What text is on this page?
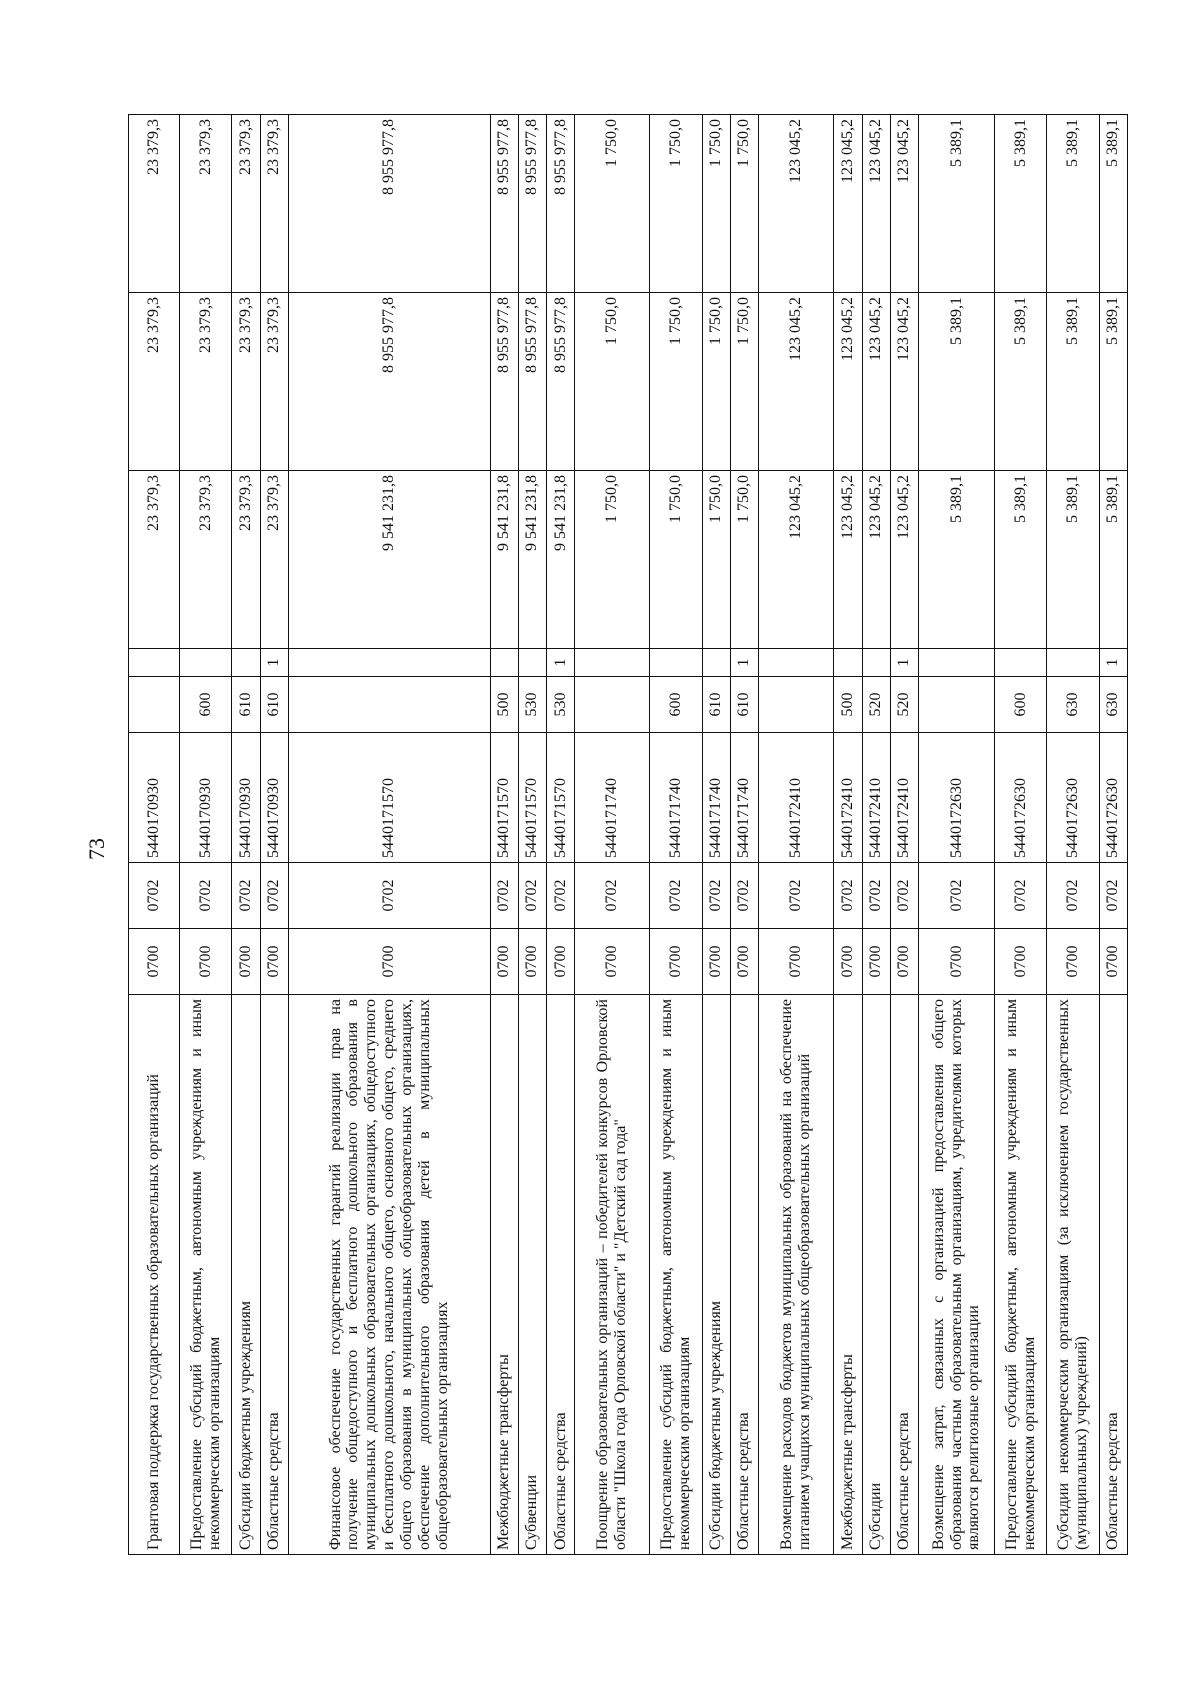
73
Грантовая поддержка государственных образовательных организаций	0700	0702	5440170930			23 379,3	23 379,3	23 379,3
Предоставление субсидий бюджетным, автономным учреждениям и иным некоммерческим организациям	0700	0702	5440170930	600		23 379,3	23 379,3	23 379,3
Субсидии бюджетным учреждениям	0700	0702	5440170930	610		23 379,3	23 379,3	23 379,3
Областные средства	0700	0702	5440170930	610	1	23 379,3	23 379,3	23 379,3
Финансовое обеспечение государственных гарантий реализации прав на получение общедоступного и бесплатного дошкольного образования в муниципальных дошкольных образовательных организациях, общедоступного и бесплатного дошкольного, начального общего, основного общего, среднего общего образования в муниципальных общеобразовательных организациях, обеспечение дополнительного образования детей в муниципальных общеобразовательных организациях	0700	0702	5440171570			9 541 231,8	8 955 977,8	8 955 977,8
Межбюджетные трансферты	0700	0702	5440171570	500		9 541 231,8	8 955 977,8	8 955 977,8
Субвенции	0700	0702	5440171570	530		9 541 231,8	8 955 977,8	8 955 977,8
Областные средства	0700	0702	5440171570	530	1	9 541 231,8	8 955 977,8	8 955 977,8
Поощрение образовательных организаций – победителей конкурсов Орловской области "Школа года Орловской области" и "Детский сад года"	0700	0702	5440171740			1 750,0	1 750,0	1 750,0
Предоставление субсидий бюджетным, автономным учреждениям и иным некоммерческим организациям	0700	0702	5440171740	600		1 750,0	1 750,0	1 750,0
Субсидии бюджетным учреждениям	0700	0702	5440171740	610		1 750,0	1 750,0	1 750,0
Областные средства	0700	0702	5440171740	610	1	1 750,0	1 750,0	1 750,0
Возмещение расходов бюджетов муниципальных образований на обеспечение питанием учащихся муниципальных общеобразовательных организаций	0700	0702	5440172410			123 045,2	123 045,2	123 045,2
Межбюджетные трансферты	0700	0702	5440172410	500		123 045,2	123 045,2	123 045,2
Субсидии	0700	0702	5440172410	520		123 045,2	123 045,2	123 045,2
Областные средства	0700	0702	5440172410	520	1	123 045,2	123 045,2	123 045,2
Возмещение затрат, связанных с организацией предоставления общего образования частным образовательным организациям, учредителями которых являются религиозные организации	0700	0702	5440172630			5 389,1	5 389,1	5 389,1
Предоставление субсидий бюджетным, автономным учреждениям и иным некоммерческим организациям	0700	0702	5440172630	600		5 389,1	5 389,1	5 389,1
Субсидии некоммерческим организациям (за исключением государственных (муниципальных) учреждений)	0700	0702	5440172630	630		5 389,1	5 389,1	5 389,1
Областные средства	0700	0702	5440172630	630	1	5 389,1	5 389,1	5 389,1
